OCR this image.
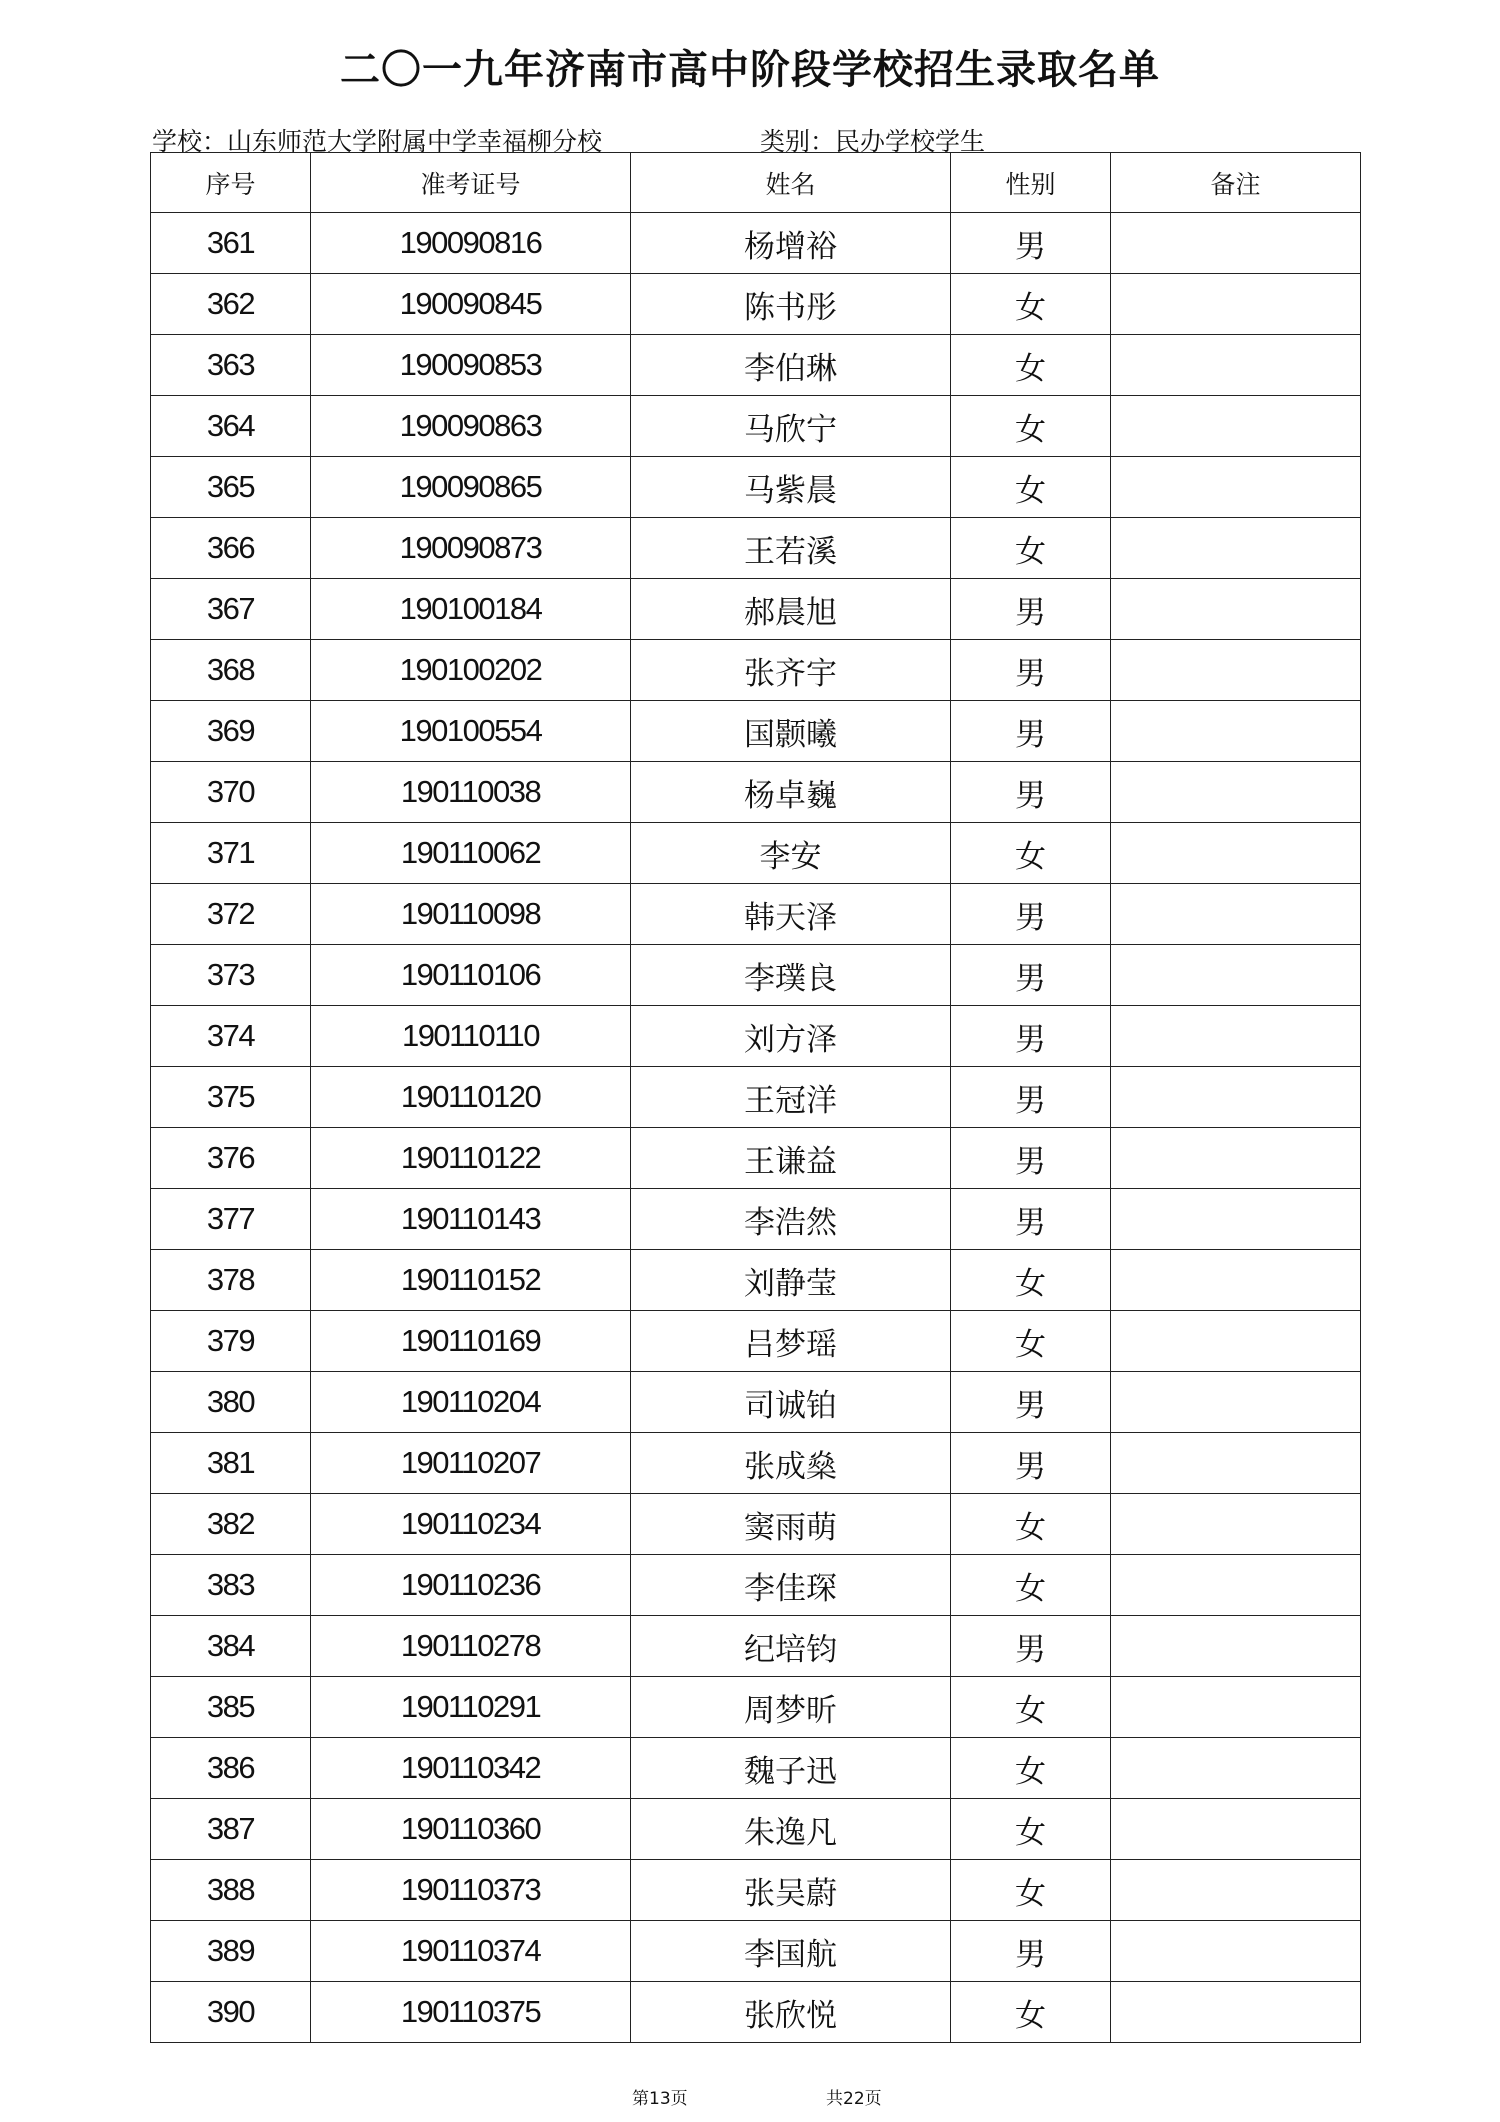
二〇一九年济南市高中阶段学校招生录取名单
学校：山东师范大学附属中学幸福柳分校	类别：民办学校学生
序号	准考证号	姓名	性别	备注
361	190090816	杨增裕	男	
362	190090845	陈书彤	女	
363	190090853	李伯琳	女	
364	190090863	马欣宁	女	
365	190090865	马紫晨	女	
366	190090873	王若溪	女	
367	190100184	郝晨旭	男	
368	190100202	张齐宇	男	
369	190100554	国颢曦	男	
370	190110038	杨卓巍	男	
371	190110062	李安	女	
372	190110098	韩天泽	男	
373	190110106	李璞良	男	
374	190110110	刘方泽	男	
375	190110120	王冠洋	男	
376	190110122	王谦益	男	
377	190110143	李浩然	男	
378	190110152	刘静莹	女	
379	190110169	吕梦瑶	女	
380	190110204	司诚铂	男	
381	190110207	张成燊	男	
382	190110234	窦雨萌	女	
383	190110236	李佳琛	女	
384	190110278	纪培钧	男	
385	190110291	周梦昕	女	
386	190110342	魏子迅	女	
387	190110360	朱逸凡	女	
388	190110373	张吴蔚	女	
389	190110374	李国航	男	
390	190110375	张欣悦	女	
第13页	共22页
